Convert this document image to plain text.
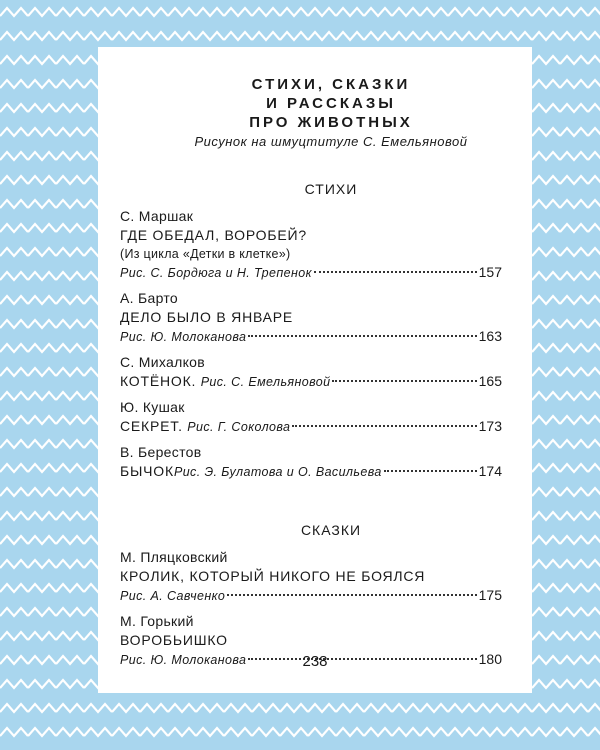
СТИХИ, СКАЗКИ
И РАССКАЗЫ
ПРО ЖИВОТНЫХ
Рисунок на шмуцтитуле С. Емельяновой
СТИХИ
С. Маршак
ГДЕ ОБЕДАЛ, ВОРОБЕЙ?
(Из цикла «Детки в клетке»)
Рис. С. Бордюга и Н. Трепенок	157
А. Барто
ДЕЛО БЫЛО В ЯНВАРЕ
Рис. Ю. Молоканова	163
С. Михалков
КОТЁНОК.
Рис. С. Емельяновой	165
Ю. Кушак
СЕКРЕТ.
Рис. Г. Соколова	173
В. Берестов
БЫЧОК Рис. Э. Булатова и О. Васильева	174
СКАЗКИ
М. Пляцковский
КРОЛИК, КОТОРЫЙ НИКОГО НЕ БОЯЛСЯ
Рис. А. Савченко	175
М. Горький
ВОРОБЬИШКО
Рис. Ю. Молоканова	180
238
